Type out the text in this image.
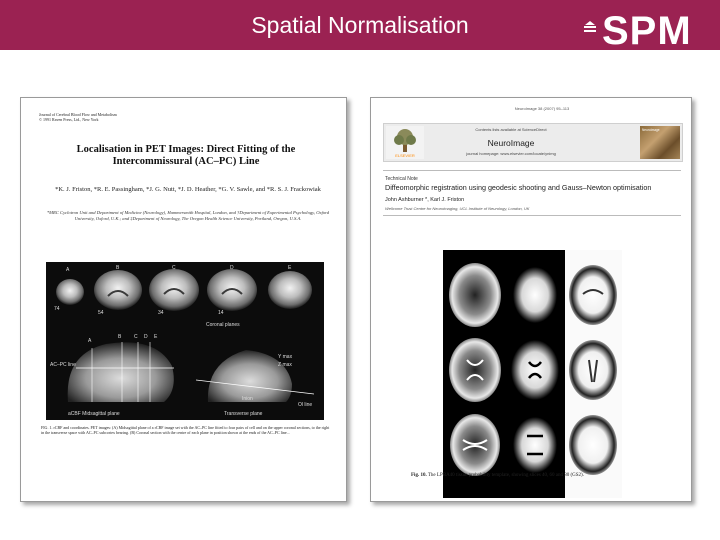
Spatial Normalisation	SPM
Journal of Cerebral Blood Flow and Metabolism
© 1991 Raven Press, Ltd., New York
Localisation in PET Images: Direct Fitting of the Intercommissural (AC–PC) Line
*K. J. Friston, *R. E. Passingham, *J. G. Nutt, *J. D. Heather, *G. V. Sawle, and *R. S. J. Frackowiak
*MRC Cyclotron Unit and Department of Medicine (Neurology), Hammersmith Hospital, London, and †Department of Experimental Psychology, Oxford University, Oxford, U.K.; and ‡Department of Neurology, The Oregon Health Science University, Portland, Oregon, U.S.A.
A	B	C	D	E
74
54	34	14
Coronal planes
A
B	C D E
AC–PC line
Y max
Z max
Inion
Ol line
aCBF Midsagittal plane	Transverse plane
FIG. 1. rCBF and coordinates. PET images: (A) Midsagittal plane of a rCBF image set with the AC–PC line fitted to four pairs of cell and on the upper coronal sections, to the right in the transverse space with AC–PC subcortex bearing. (B) Coronal section with the centre of each plane in position shown at the ends of the AC–PC line...
NeuroImage 38 (2007) 95–113
ELSEVIER
Contents lists available at ScienceDirect
NeuroImage
journal homepage: www.elsevier.com/locate/ynimg
NeuroImage
Technical Note
Diffeomorphic registration using geodesic shooting and Gauss–Newton optimisation
John Ashburner *, Karl J. Friston
Wellcome Trust Centre for Neuroimaging, UCL Institute of Neurology, London, UK
Fig. 10. The LPBA40 tissue probability template, showing slices 40, 60 and 80 (GS2).
